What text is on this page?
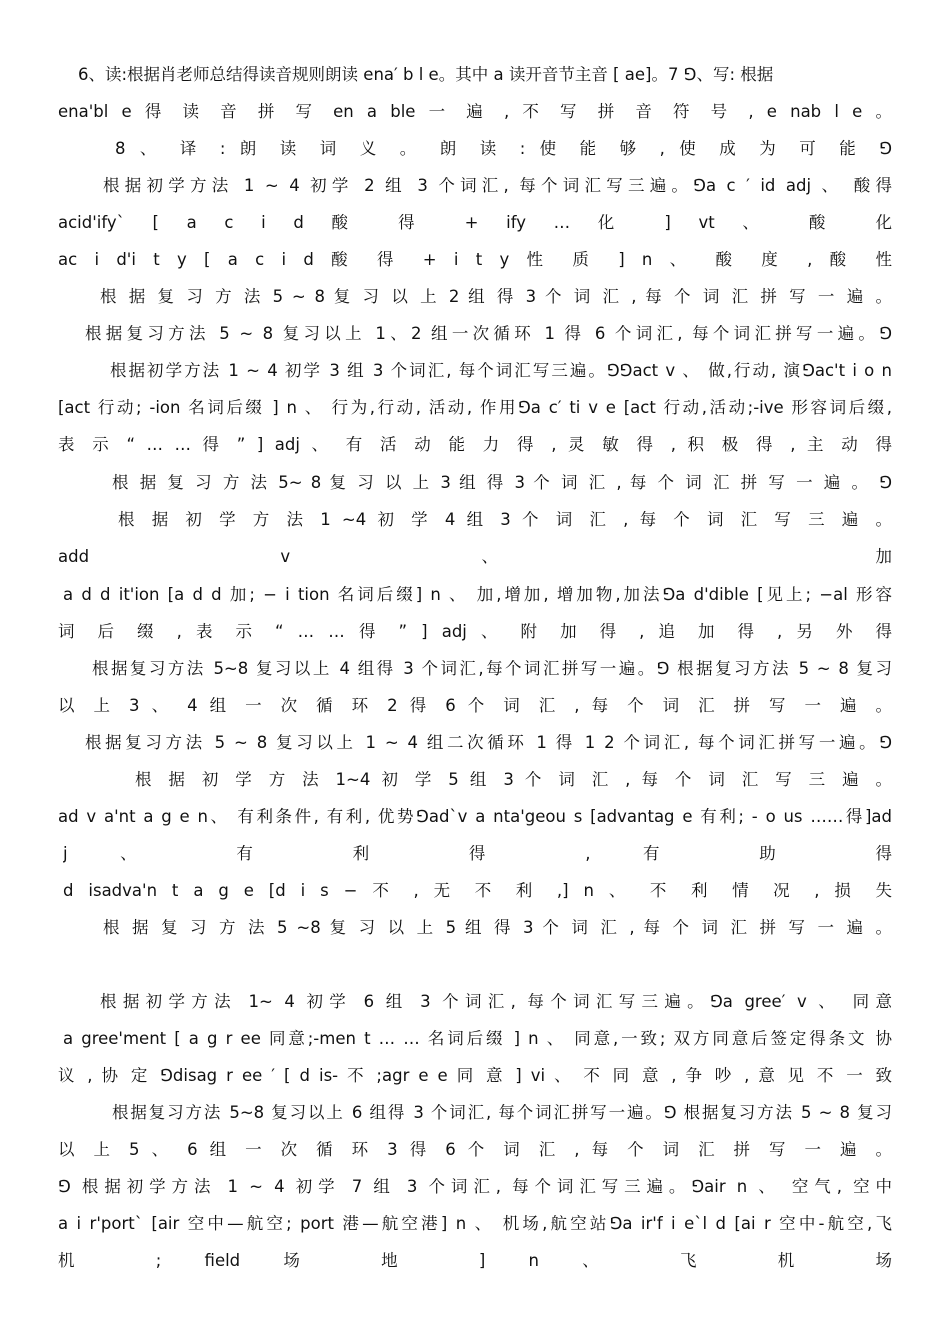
6、读:根据肖老师总结得读音规则朗读 ena′ b l e。其中 a 读开音节主音 [ ae]。7 ⅁、写: 根据
ena'bl e 得 读 音 拼 写 en a ble 一 遍 , 不 写 拼 音 符 号 , e nab l e 。
8 、 译 : 朗 读 词 义 。 朗 读 : 使 能 够 , 使 成 为 可 能 ⅁
根据初学方法 1 ~ 4 初学 2 组 3 个词汇, 每个词汇写三遍。⅁a c ′ id adj 、 酸得
acid'ify` [ a c i d 酸 得 + ify … 化 ] vt 、 酸 化
ac i d'i t y [ a c i d 酸 得 + i t y 性 质 ] n 、 酸 度 , 酸 性
根 据 复 习 方 法 5 ~ 8 复 习 以 上 2 组 得 3 个 词 汇 , 每 个 词 汇 拼 写 一 遍 。
根据复习方法 5 ~ 8 复习以上 1、2 组一次循环 1 得 6 个词汇, 每个词汇拼写一遍。⅁
根据初学方法 1 ~ 4 初学 3 组 3 个词汇, 每个词汇写三遍。⅁⅁act v 、 做,行动, 演⅁ac't i o n
[act 行动; -ion 名词后缀 ] n 、 行为,行动, 活动, 作用⅁a c′ ti v e [act 行动,活动;-ive 形容词后缀,
表 示 “ … … 得 ” ] adj 、 有 活 动 能 力 得 , 灵 敏 得 , 积 极 得 , 主 动 得
根 据 复 习 方 法 5~ 8 复 习 以 上 3 组 得 3 个 词 汇 , 每 个 词 汇 拼 写 一 遍 。 ⅁
根 据 初 学 方 法 1 ~4 初 学 4 组 3 个 词 汇 , 每 个 词 汇 写 三 遍 。
add v 、 加
a d d it'ion [a d d 加; − i tion 名词后缀] n 、 加,增加, 增加物,加法⅁a d'dible [见上; −al 形容
词 后 缀 , 表 示 “ … … 得 ” ] adj 、 附 加 得 , 追 加 得 , 另 外 得
根据复习方法 5~8 复习以上 4 组得 3 个词汇,每个词汇拼写一遍。⅁ 根据复习方法 5 ~ 8 复习
以 上 3 、 4 组 一 次 循 环 2 得 6 个 词 汇 , 每 个 词 汇 拼 写 一 遍 。
根据复习方法 5 ~ 8 复习以上 1 ~ 4 组二次循环 1 得 1 2 个词汇, 每个词汇拼写一遍。⅁
根 据 初 学 方 法 1~4 初 学 5 组 3 个 词 汇 , 每 个 词 汇 写 三 遍 。
ad v a'nt a g e n、 有利条件, 有利, 优势⅁ad`v a nta'geou s [advantag e 有利; - o us ……得]ad
j 、 有 利 得 , 有 助 得
d isadva'n t a g e [d i s − 不 , 无 不 利 ,] n 、 不 利 情 况 , 损 失
根 据 复 习 方 法 5 ~8 复 习 以 上 5 组 得 3 个 词 汇 , 每 个 词 汇 拼 写 一 遍 。
根据初学方法 1~ 4 初学 6 组 3 个词汇, 每个词汇写三遍。⅁a gree′ v 、 同意
a gree'ment [ a g r ee 同意;-men t … … 名词后缀 ] n 、 同意,一致; 双方同意后签定得条文 协
议 , 协 定 ⅁disag r ee ′ [ d is- 不 ;agr e e 同 意 ] vi 、 不 同 意 , 争 吵 , 意 见 不 一 致
根据复习方法 5~8 复习以上 6 组得 3 个词汇, 每个词汇拼写一遍。⅁ 根据复习方法 5 ~ 8 复习
以 上 5 、 6 组 一 次 循 环 3 得 6 个 词 汇 , 每 个 词 汇 拼 写 一 遍 。
⅁ 根据初学方法 1 ~ 4 初学 7 组 3 个词汇, 每个词汇写三遍。⅁air n 、 空气, 空中
a i r'port` [air 空中—航空; port 港—航空港] n 、 机场,航空站⅁a ir'f i e`l d [ai r 空中-航空,飞
机 ; field 场 地 ] n 、 飞 机 场
